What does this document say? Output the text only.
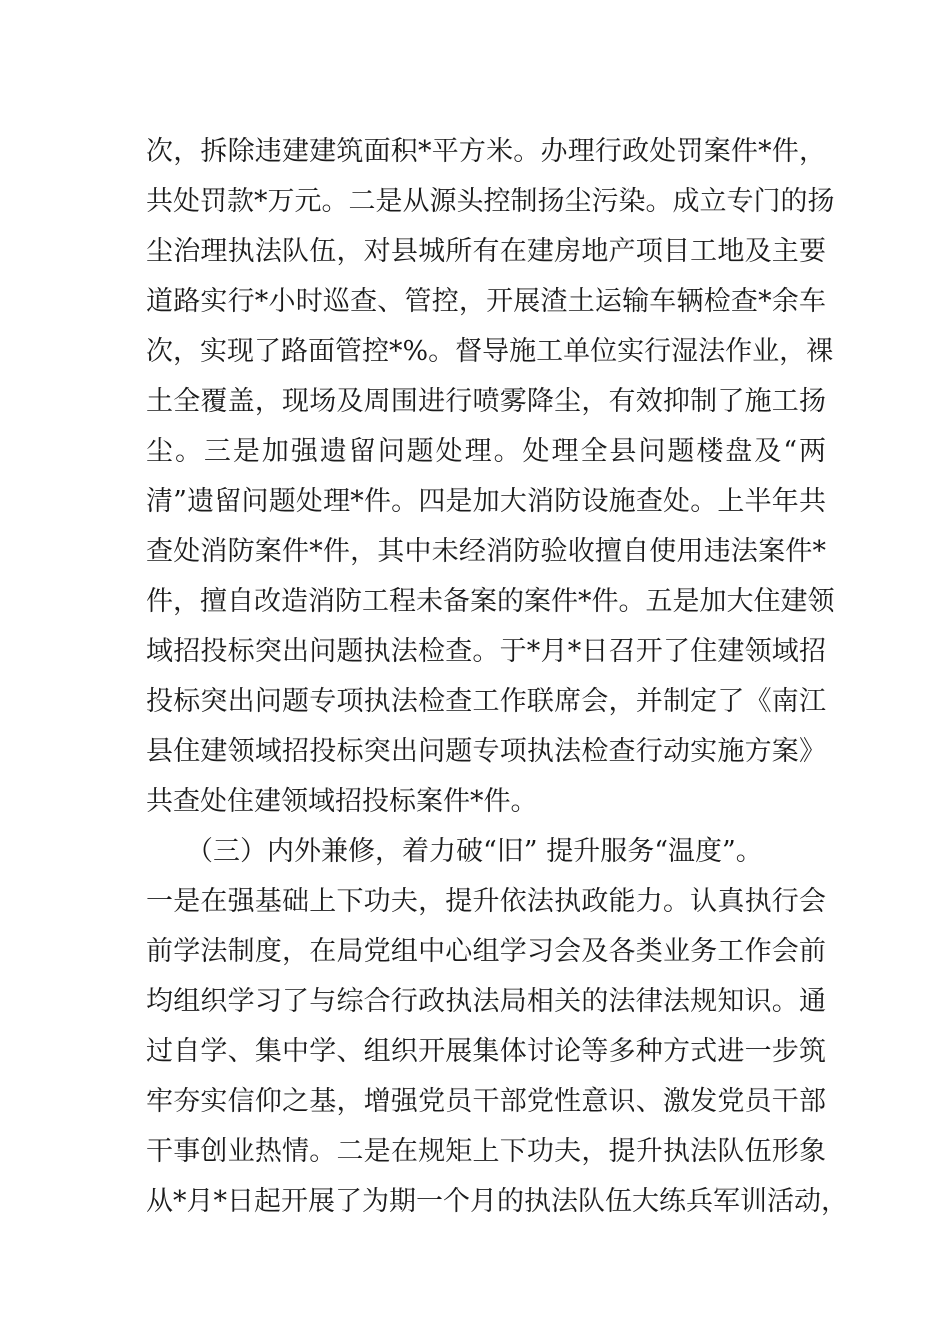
次，拆除违建建筑面积*平方米。办理行政处罚案件*件，
共处罚款*万元。二是从源头控制扬尘污染。成立专门的扬
尘治理执法队伍，对县城所有在建房地产项目工地及主要
道路实行*小时巡查、管控，开展渣土运输车辆检查*余车
次，实现了路面管控*%。督导施工单位实行湿法作业，裸
土全覆盖，现场及周围进行喷雾降尘，有效抑制了施工扬
尘。三是加强遗留问题处理。处理全县问题楼盘及“两
清”遗留问题处理*件。四是加大消防设施查处。上半年共
查处消防案件*件，其中未经消防验收擅自使用违法案件*
件，擅自改造消防工程未备案的案件*件。五是加大住建领
域招投标突出问题执法检查。于*月*日召开了住建领域招
投标突出问题专项执法检查工作联席会，并制定了《南江
县住建领域招投标突出问题专项执法检查行动实施方案》
共查处住建领域招投标案件*件。
（三）内外兼修，着力破“旧” 提升服务“温度”。
一是在强基础上下功夫，提升依法执政能力。认真执行会
前学法制度，在局党组中心组学习会及各类业务工作会前
均组织学习了与综合行政执法局相关的法律法规知识。通
过自学、集中学、组织开展集体讨论等多种方式进一步筑
牢夯实信仰之基，增强党员干部党性意识、激发党员干部
干事创业热情。二是在规矩上下功夫，提升执法队伍形象
从*月*日起开展了为期一个月的执法队伍大练兵军训活动，
